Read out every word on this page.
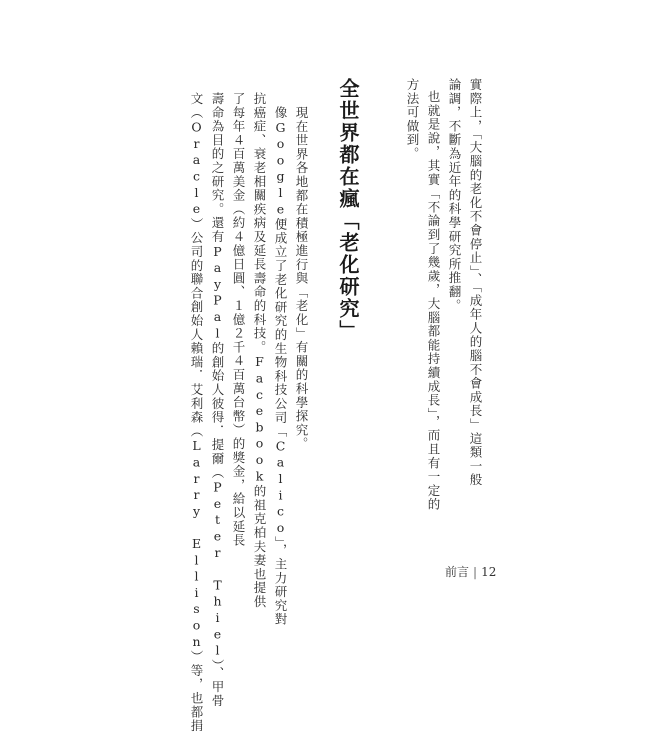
實際上，「大腦的老化不會停止」、「成年人的腦不會成長」這類一般
論調，不斷為近年的科學研究所推翻。
也就是說，其實「不論到了幾歲，大腦都能持續成長」，而且有一定的
方法可做到。
全世界都在瘋「老化研究」
現在世界各地都在積極進行與「老化」有關的科學探究。
像Google便成立了老化研究的生物科技公司「Calico」，主力研究對
抗癌症、衰老相關疾病及延長壽命的科技。Facebook的祖克柏夫妻也提供
了每年４百萬美金（約４億日圓、１億２千４百萬台幣）的獎金，給以延長
壽命為目的之研究。還有PayPal的創始人彼得．提爾（Peter Thiel）、甲骨
文（Oracle）公司的聯合創始人賴瑞．艾利森（Larry Ellison）等，也都捐	前言 | 12
